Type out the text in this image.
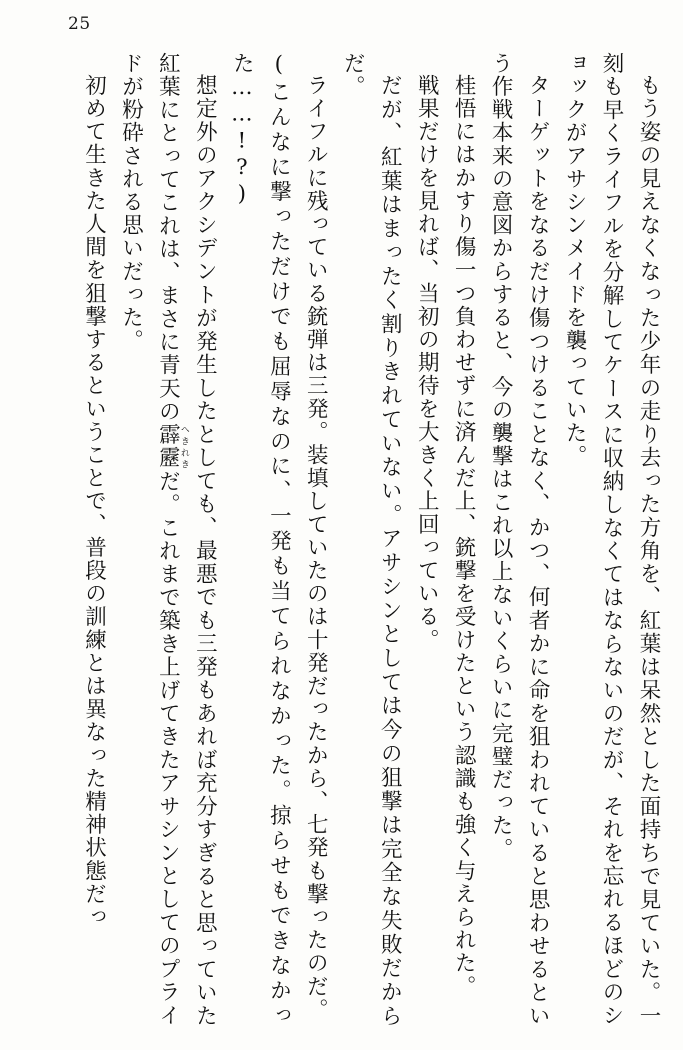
25

もう姿の見えなくなった少年の走り去った方角を、紅葉は呆然とした面持ちで見ていた。一刻も早くライフルを分解してケースに収納しなくてはならないのだが、それを忘れるほどのショックがアサシンメイドを襲っていた。

ターゲットをなるだけ傷つけることなく、かつ、何者かに命を狙われていると思わせるという作戦本来の意図からすると、今の襲撃はこれ以上ないくらいに完璧だった。

桂悟にはかすり傷一つ負わせずに済んだ上、銃撃を受けたという認識も強く与えられた。

戦果だけを見れば、当初の期待を大きく上回っている。

だが、紅葉はまったく割りきれていない。アサシンとしては今の狙撃は完全な失敗だからだ。

ライフルに残っている銃弾は三発。装填していたのは十発だったから、七発も撃ったのだ。

(こんなに撃っただけでも屈辱なのに、一発も当てられなかった。掠らせもできなかった……!?)

想定外のアクシデントが発生したとしても、最悪でも三発もあれば充分すぎると思っていた紅葉にとってこれは、まさに青天の霹靂へきれきだ。これまで築き上げてきたアサシンとしてのプライドが粉砕される思いだった。

初めて生きた人間を狙撃するということで、普段の訓練とは異なった精神状態だっ
